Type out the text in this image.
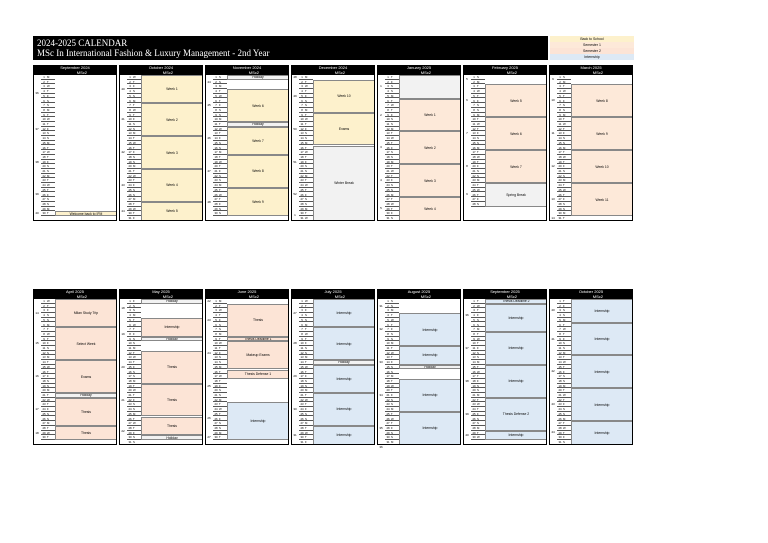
2024-2025 CALENDAR
MSc In International Fashion & Luxury Management - 2nd Year
Back to School
Semester 1
Semester 2
Internship
September 2024
MSc2
36
37
38
39
40
1 M
2 T
3 W
4 T
5 F
6 S
7 S
8 M
9 T
10 W
11 T
12 F
13 S
14 S
15 M
16 T
17 W
18 T
19 F
20 S
21 S
22 M
23 T
24 W
25 T
26 F
27 S
28 S
29 M
30 T	Welcome back to IFM
October 2024
MSc2
40
41
42
43
44
1 W
2 T
3 F
4 S
5 S
6 M
7 T
8 W
9 T
10 F
11 S
12 S
13 M
14 T
15 W
16 T
17 F
18 S
19 S
20 M
21 T
22 W
23 T
24 F
25 S
26 S
27 M
28 T
29 W
30 T
31 F
Week 1
Week 2
Week 3
Week 4
Week 5
November 2024
MSc2
44
45
46
47
48
1 S
2 S
3 M
4 T
5 W
6 T
7 F
8 S
9 S
10 M
11 T
12 W
13 T
14 F
15 S
16 S
17 M
18 T
19 W
20 T
21 F
22 S
23 S
24 M
25 T
26 W
27 T
28 F
29 S
30 S
Holiday
Week 6
Holiday
Week 7
Week 8
Week 9
December 2024
MSc2
48
49
50
51
52
1
1 M
2 T
3 W
4 T
5 F
6 S
7 S
8 M
9 T
10 W
11 T
12 F
13 S
14 S
15 M
16 T
17 W
18 T
19 F
20 S
21 S
22 M
23 T
24 W
25 T
26 F
27 S
28 S
29 M
30 T
31 W
Week 10
Exams
Winter Break
January 2025
MSc2
1
2
3
4
5
1 T
2 F
3 S
4 S
5 M
6 T
7 W
8 T
9 F
10 S
11 S
12 M
13 T
14 W
15 T
16 F
17 S
18 S
19 M
20 T
21 W
22 T
23 F
24 S
25 S
26 M
27 T
28 W
29 T
30 F
31 S
Week 1
Week 2
Week 3
Week 4
February 2025
MSc2
5
6
7
8
9
1 S
2 M
3 T
4 W
5 T
6 F
7 S
8 S
9 M
10 T
11 W
12 T
13 F
14 S
15 S
16 M
17 T
18 W
19 T
20 F
21 S
22 S
23 M
24 T
25 W
26 T
27 F
28 S
Week 5
Week 6
Week 7
Spring Break
March 2025
MSc2
9
10
11
12
13
14
1 S
2 M
3 T
4 W
5 T
6 F
7 S
8 S
9 M
10 T
11 W
12 T
13 F
14 S
15 S
16 M
17 T
18 W
19 T
20 F
21 S
22 S
23 M
24 T
25 W
26 T
27 F
28 S
29 S
30 M
31 T
Week 8
Week 9
Week 10
Week 11
April 2025
MSc2
14
15
16
17
18
1 W
2 T
3 F
4 S
5 S
6 M
7 T
8 W
9 T
10 F
11 S
12 S
13 M
14 T
15 W
16 T
17 F
18 S
19 S
20 M
21 T
22 W
23 T
24 F
25 S
26 S
27 M
28 T
29 W
30 T
Milan Study Trip
Select Week
Exams
Holiday
Thesis
Thesis
May 2025
MSc2
18
19
20
21
22
1 F
2 S
3 S
4 M
5 T
6 W
7 T
8 F
9 S
10 S
11 M
12 T
13 W
14 T
15 F
16 S
17 S
18 M
19 T
20 W
21 T
22 F
23 S
24 S
25 M
26 T
27 W
28 T
29 F
30 S
31 S
Holiday
Internship
Holiday
Thesis
Thesis
Thesis
Holiday
June 2025
MSc2
22
23
24
25
26
27
1 M
2 T
3 W
4 T
5 F
6 S
7 S
8 M
9 T
10 W
11 T
12 F
13 S
14 S
15 M
16 T
17 W
18 T
19 F
20 S
21 S
22 M
23 T
24 W
25 T
26 F
27 S
28 S
29 M
30 T
Thesis
Thesis Deadline 1
Makeup Exams
Thesis Defense 1
Internship
July 2025
MSc2
27
28
29
30
31
1 W
2 T
3 F
4 S
5 S
6 M
7 T
8 W
9 T
10 F
11 S
12 S
13 M
14 T
15 W
16 T
17 F
18 S
19 S
20 M
21 T
22 W
23 T
24 F
25 S
26 S
27 M
28 T
29 W
30 T
31 F
Internship
Internship
Holiday
Internship
Internship
Internship
August 2025
MSc2
31
32
33
34
35
36
1 S
2 S
3 M
4 T
5 W
6 T
7 F
8 S
9 S
10 M
11 T
12 W
13 T
14 F
15 S
16 S
17 M
18 T
19 W
20 T
21 F
22 S
23 S
24 M
25 T
26 W
27 T
28 F
29 S
30 S
31 M
Internship
Internship
Holiday
Internship
Internship
September 2025
MSc2
36
37
38
39
40
1 T
2 W
3 T
4 F
5 S
6 S
7 M
8 T
9 W
10 T
11 F
12 S
13 S
14 M
15 T
16 W
17 T
18 F
19 S
20 S
21 M
22 T
23 W
24 T
25 F
26 S
27 S
28 M
29 T
30 W
Thesis Deadline 2
Internship
Internship
Internship
Thesis Defense 2
Internship
October 2025
MSc2
40
41
42
43
44
1 T
2 F
3 S
4 S
5 M
6 T
7 W
8 T
9 F
10 S
11 S
12 M
13 T
14 W
15 T
16 F
17 S
18 S
19 M
20 T
21 W
22 T
23 F
24 S
25 S
26 M
27 T
28 W
29 T
30 F
31 S
Internship
Internship
Internship
Internship
Internship
